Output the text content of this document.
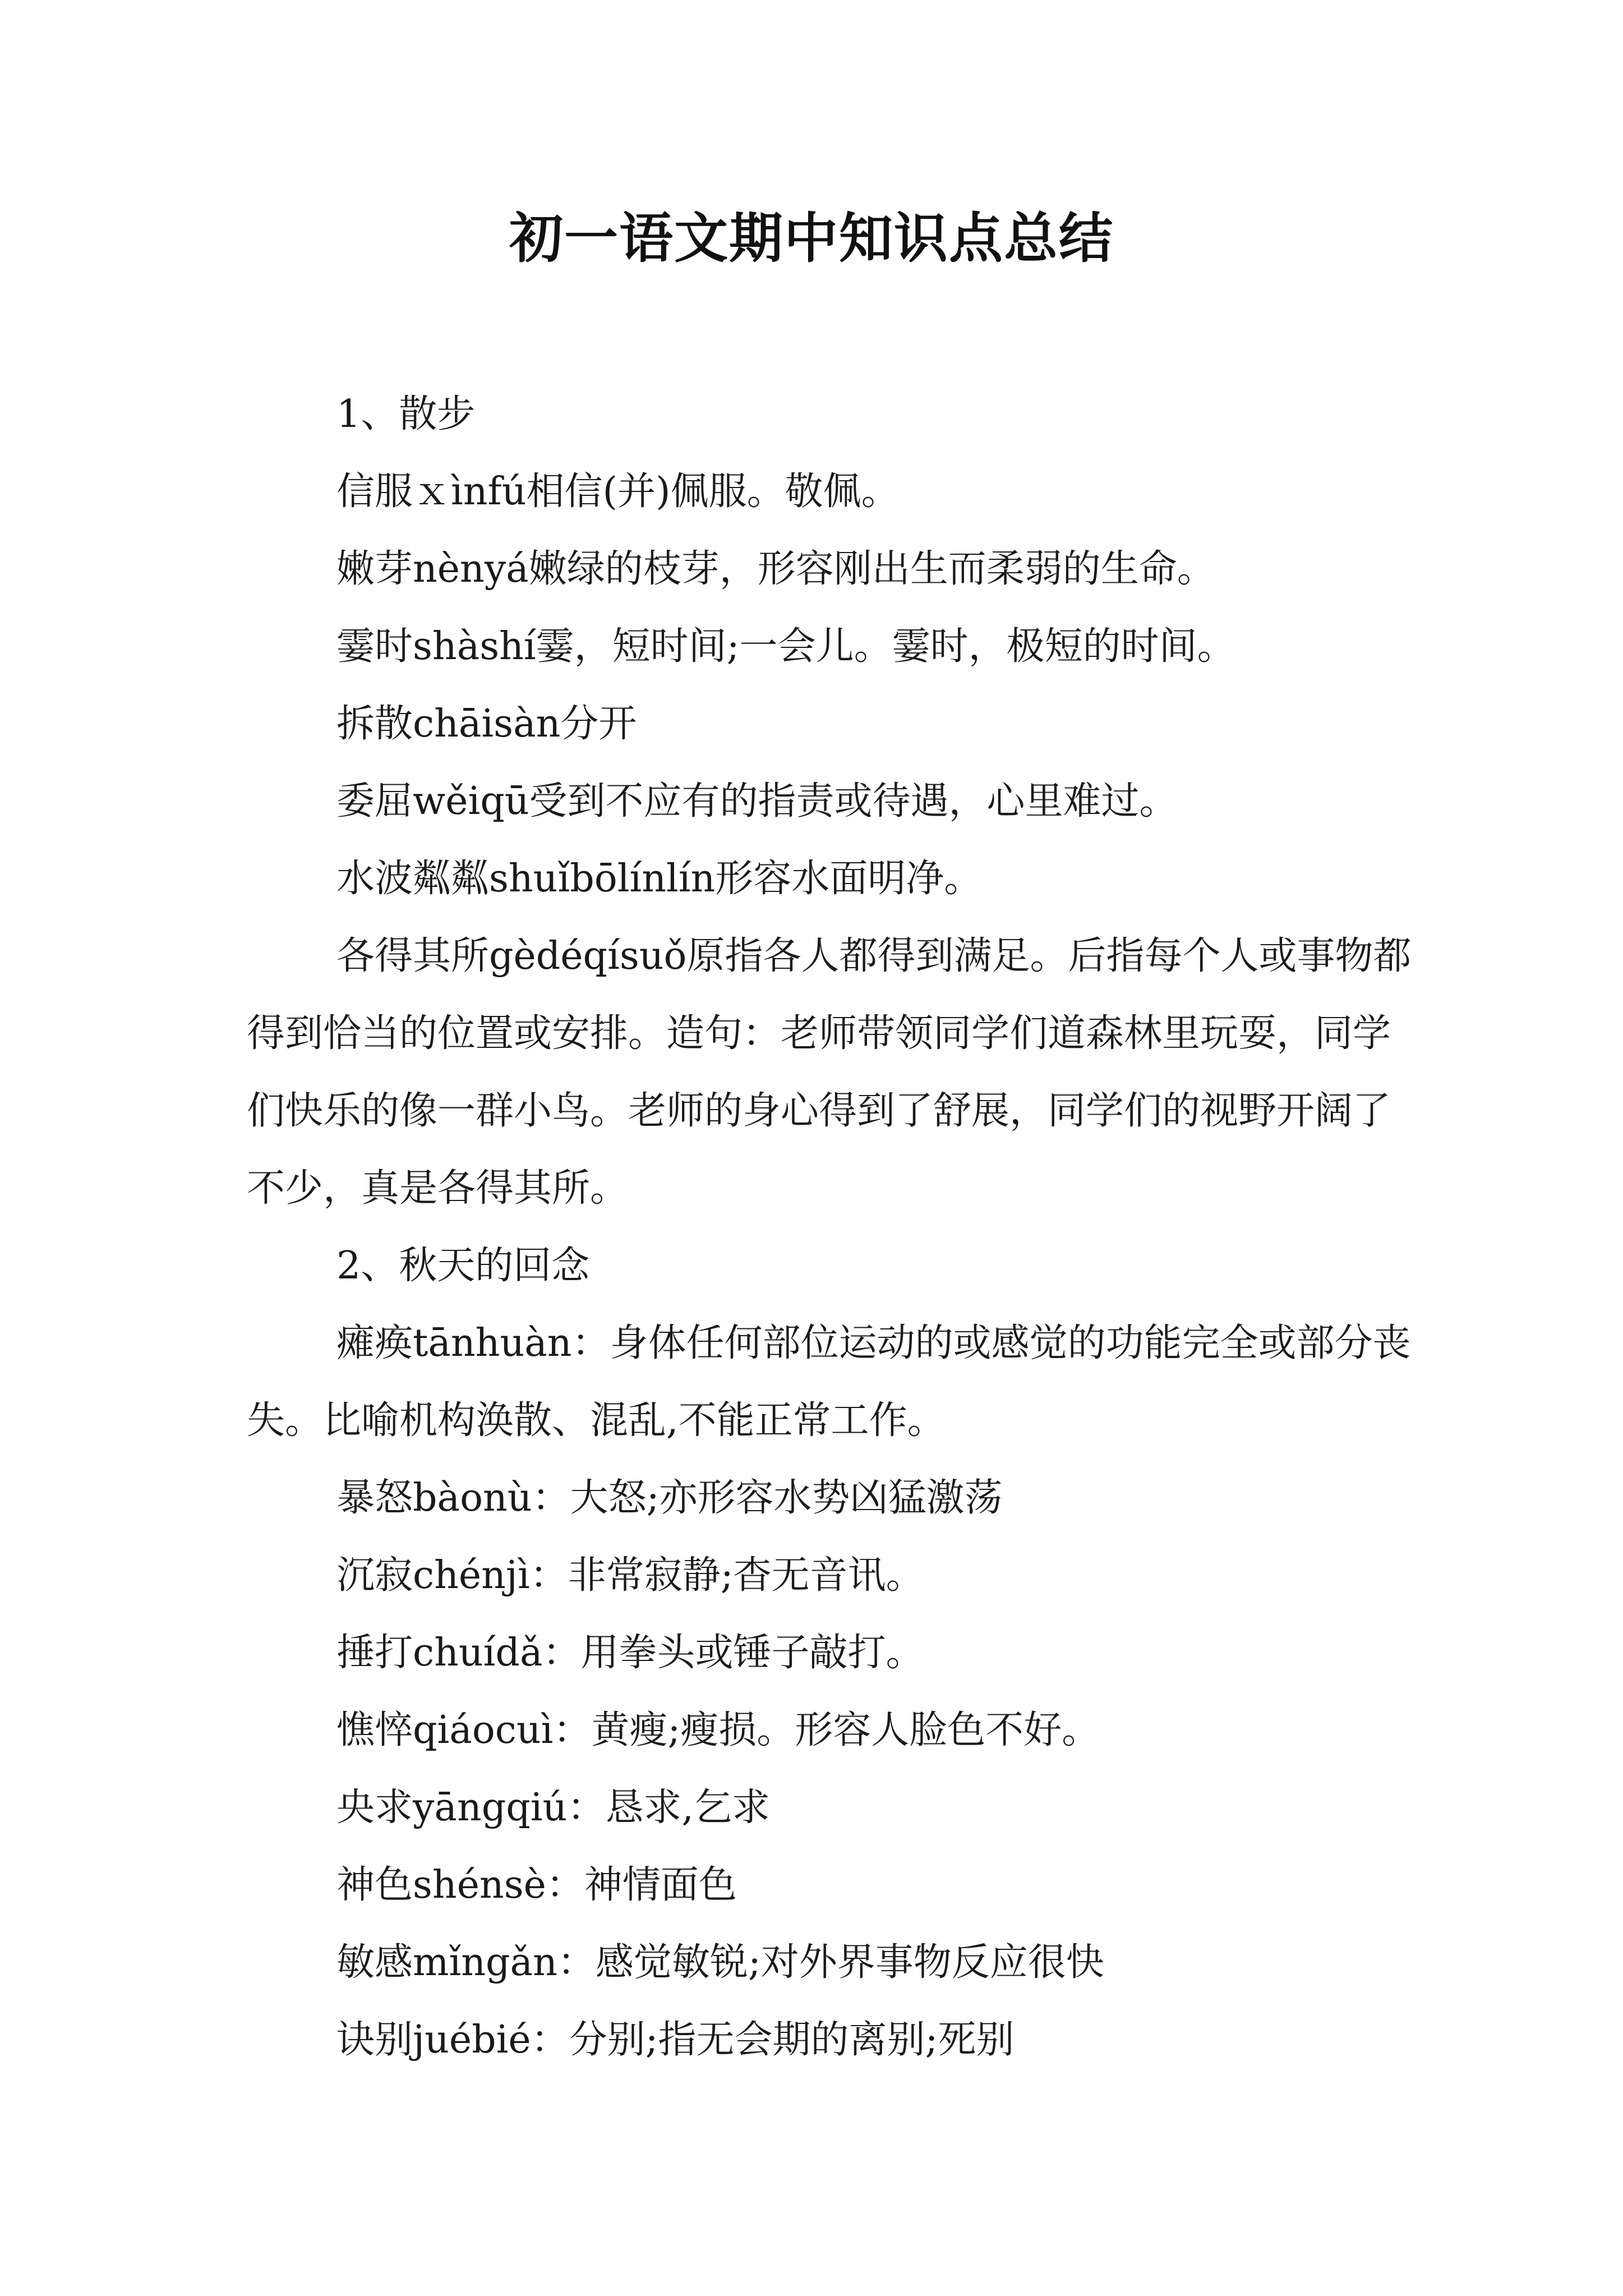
初一语文期中知识点总结

1、散步

信服ｘìnfú相信(并)佩服。敬佩。

嫩芽nènyá嫩绿的枝芽，形容刚出生而柔弱的生命。

霎时shàshí霎，短时间;一会儿。霎时，极短的时间。

拆散chāisàn分开

委屈wěiqū受到不应有的指责或待遇，心里难过。

水波粼粼shuǐbōlínlín形容水面明净。

各得其所gèdéqísuǒ原指各人都得到满足。后指每个人或事物都得到恰当的位置或安排。造句：老师带领同学们道森林里玩耍，同学们快乐的像一群小鸟。老师的身心得到了舒展，同学们的视野开阔了不少，真是各得其所。

2、秋天的回念

瘫痪tānhuàn：身体任何部位运动的或感觉的功能完全或部分丧失。比喻机构涣散、混乱,不能正常工作。

暴怒bàonù：大怒;亦形容水势凶猛激荡

沉寂chénjì：非常寂静;杳无音讯。

捶打chuídǎ：用拳头或锤子敲打。

憔悴qiáocuì：黄瘦;瘦损。形容人脸色不好。

央求yāngqiú：恳求,乞求

神色shénsè：神情面色

敏感mǐngǎn：感觉敏锐;对外界事物反应很快

诀别juébié：分别;指无会期的离别;死别
